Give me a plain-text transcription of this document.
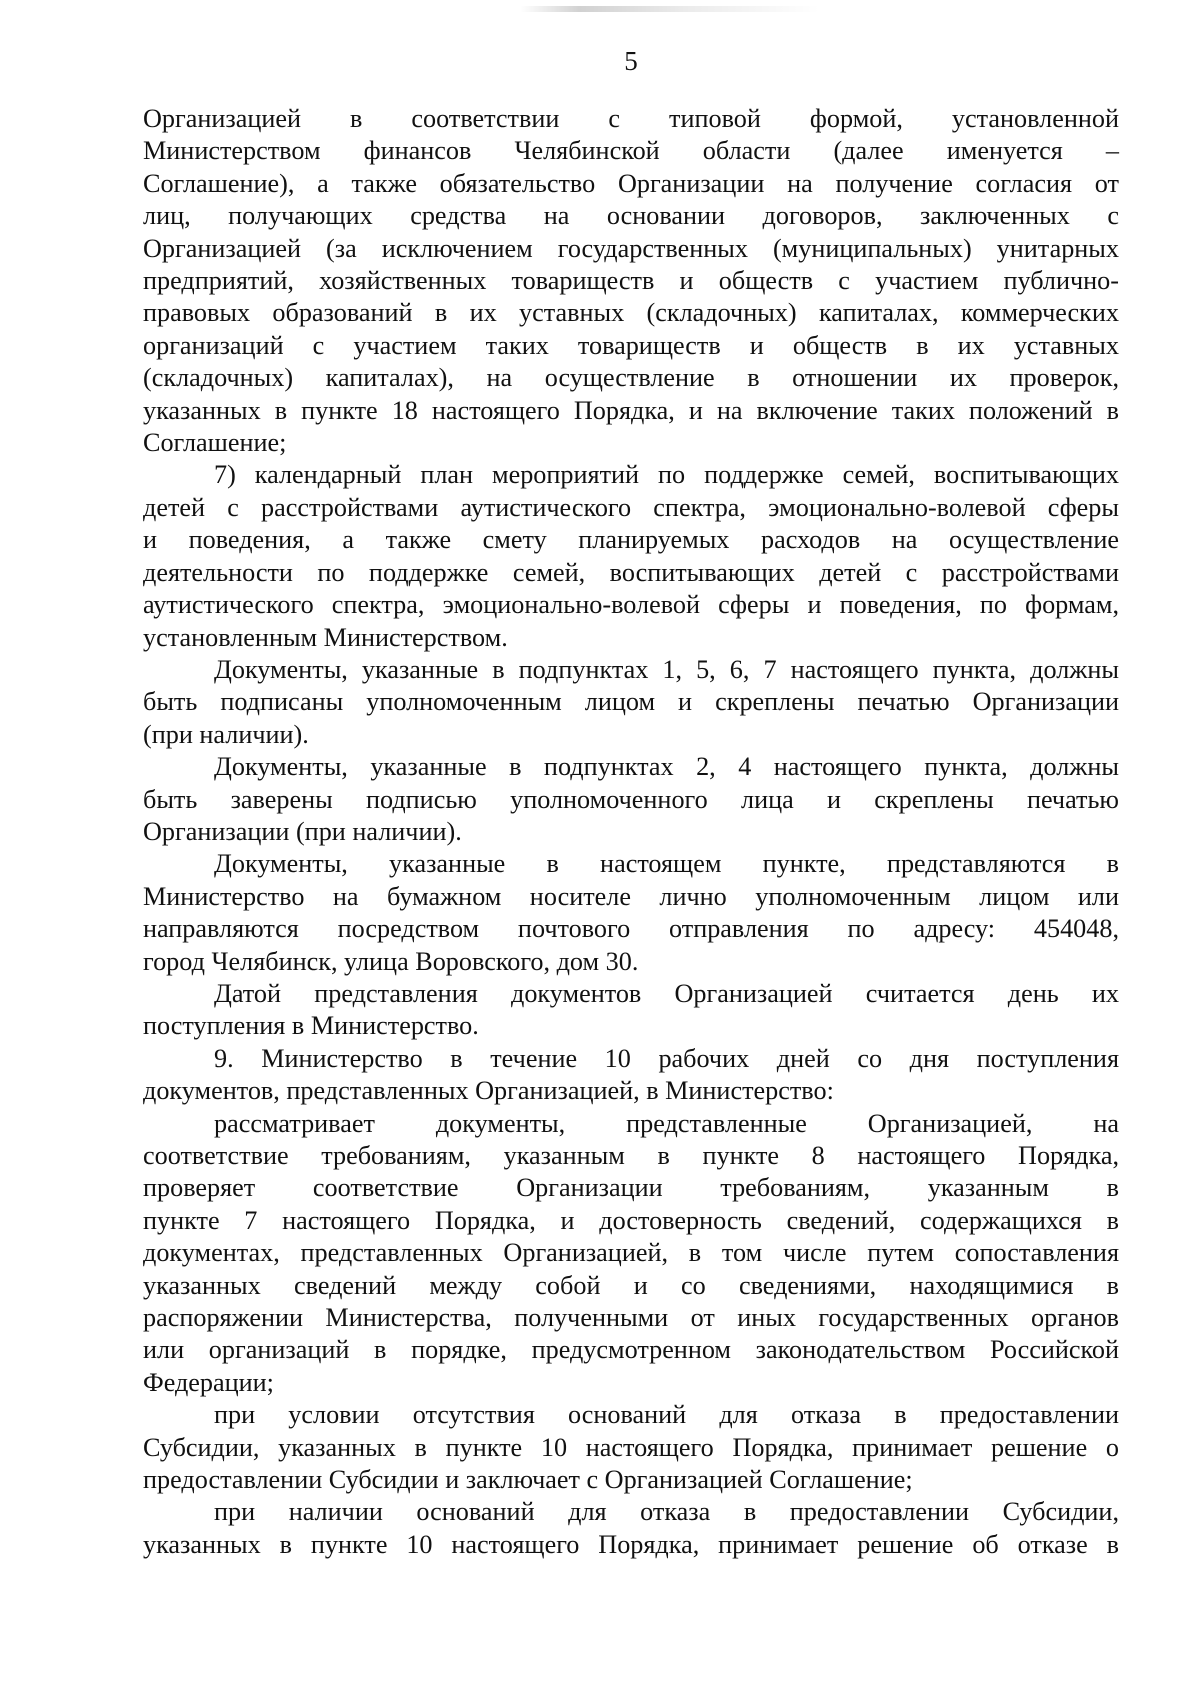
5

Организацией в соответствии с типовой формой, установленной
Министерством финансов Челябинской области (далее именуется –
Соглашение), а также обязательство Организации на получение согласия от
лиц, получающих средства на основании договоров, заключенных с
Организацией (за исключением государственных (муниципальных) унитарных
предприятий, хозяйственных товариществ и обществ с участием публично-
правовых образований в их уставных (складочных) капиталах, коммерческих
организаций с участием таких товариществ и обществ в их уставных
(складочных) капиталах), на осуществление в отношении их проверок,
указанных в пункте 18 настоящего Порядка, и на включение таких положений в
Соглашение;

7) календарный план мероприятий по поддержке семей, воспитывающих
детей с расстройствами аутистического спектра, эмоционально-волевой сферы
и поведения, а также смету планируемых расходов на осуществление
деятельности по поддержке семей, воспитывающих детей с расстройствами
аутистического спектра, эмоционально-волевой сферы и поведения, по формам,
установленным Министерством.

Документы, указанные в подпунктах 1, 5, 6, 7 настоящего пункта, должны
быть подписаны уполномоченным лицом и скреплены печатью Организации
(при наличии).

Документы, указанные в подпунктах 2, 4 настоящего пункта, должны
быть заверены подписью уполномоченного лица и скреплены печатью
Организации (при наличии).

Документы, указанные в настоящем пункте, представляются в
Министерство на бумажном носителе лично уполномоченным лицом или
направляются посредством почтового отправления по адресу: 454048,
город Челябинск, улица Воровского, дом 30.

Датой представления документов Организацией считается день их
поступления в Министерство.

9. Министерство в течение 10 рабочих дней со дня поступления
документов, представленных Организацией, в Министерство:

рассматривает документы, представленные Организацией, на
соответствие требованиям, указанным в пункте 8 настоящего Порядка,
проверяет соответствие Организации требованиям, указанным в
пункте 7 настоящего Порядка, и достоверность сведений, содержащихся в
документах, представленных Организацией, в том числе путем сопоставления
указанных сведений между собой и со сведениями, находящимися в
распоряжении Министерства, полученными от иных государственных органов
или организаций в порядке, предусмотренном законодательством Российской
Федерации;

при условии отсутствия оснований для отказа в предоставлении
Субсидии, указанных в пункте 10 настоящего Порядка, принимает решение о
предоставлении Субсидии и заключает с Организацией Соглашение;

при наличии оснований для отказа в предоставлении Субсидии,
указанных в пункте 10 настоящего Порядка, принимает решение об отказе в
